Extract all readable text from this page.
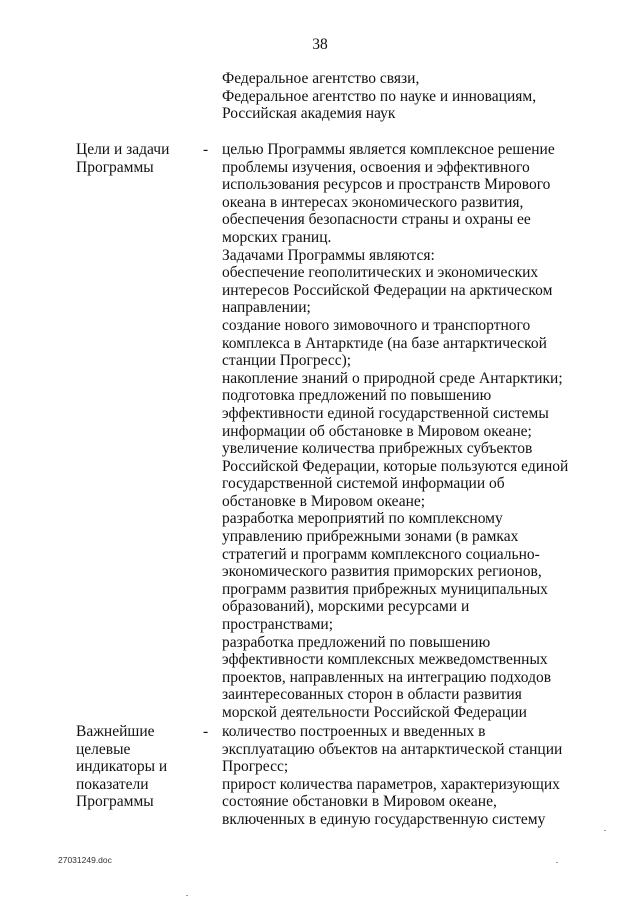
38
Федеральное агентство связи,
Федеральное агентство по науке и инновациям,
Российская академия наук
Цели и задачи
Программы
- целью Программы является комплексное решение
проблемы изучения, освоения и эффективного
использования ресурсов и пространств Мирового
океана в интересах экономического развития,
обеспечения безопасности страны и охраны ее
морских границ.
Задачами Программы являются:
обеспечение геополитических и экономических
интересов Российской Федерации на арктическом
направлении;
создание нового зимовочного и транспортного
комплекса в Антарктиде (на базе антарктической
станции Прогресс);
накопление знаний о природной среде Антарктики;
подготовка предложений по повышению
эффективности единой государственной системы
информации об обстановке в Мировом океане;
увеличение количества прибрежных субъектов
Российской Федерации, которые пользуются единой
государственной системой информации об
обстановке в Мировом океане;
разработка мероприятий по комплексному
управлению прибрежными зонами (в рамках
стратегий и программ комплексного социально-
экономического развития приморских регионов,
программ развития прибрежных муниципальных
образований), морскими ресурсами и
пространствами;
разработка предложений по повышению
эффективности комплексных межведомственных
проектов, направленных на интеграцию подходов
заинтересованных сторон в области развития
морской деятельности Российской Федерации
Важнейшие
целевые
индикаторы и
показатели
Программы
- количество построенных и введенных в
эксплуатацию объектов на антарктической станции
Прогресс;
прирост количества параметров, характеризующих
состояние обстановки в Мировом океане,
включенных в единую государственную систему
27031249.doc
